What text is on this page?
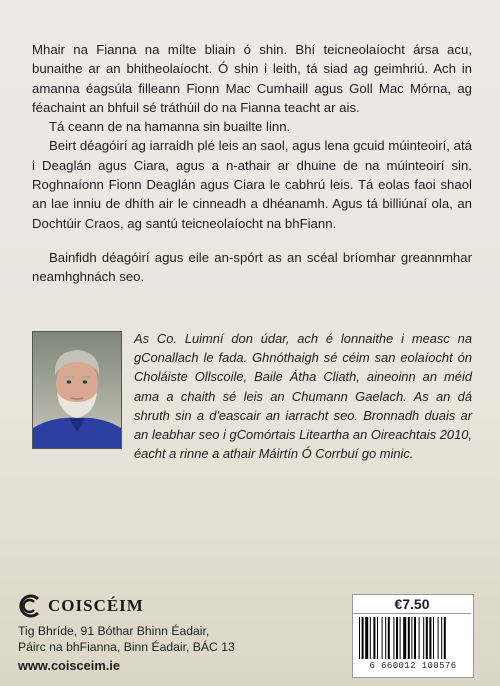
Mhair na Fianna na mílte bliain ó shin. Bhí teicneolaíocht ársa acu, bunaithe ar an bhitheolaíocht. Ó shin i leith, tá siad ag geimhriú. Ach in amanna éagsúla filleann Fionn Mac Cumhaill agus Goll Mac Mórna, ag féachaint an bhfuil sé tráthúil do na Fianna teacht ar ais.

Tá ceann de na hamanna sin buailte linn.

Beirt déagóirí ag iarraidh plé leis an saol, agus lena gcuid múinteoirí, atá i Deaglán agus Ciara, agus a n-athair ar dhuine de na múinteoirí sin. Roghnaíonn Fionn Deaglán agus Ciara le cabhrú leis. Tá eolas faoi shaol an lae inniu de dhíth air le cinneadh a dhéanamh. Agus tá billiúnaí ola, an Dochtúir Craos, ag santú teicneolaíocht na bhFiann.

Bainfidh déagóirí agus eile an-spórt as an scéal bríomhar greannmhar neamhghnách seo.

As Co. Luimní don údar, ach é lonnaithe i measc na gConallach le fada. Ghnóthaigh sé céim san eolaíocht ón Choláiste Ollscoile, Baile Átha Cliath, aineoinn an méid ama a chaith sé leis an Chumann Gaelach. As an dá shruth sin a d'eascair an iarracht seo. Bronnadh duais ar an leabhar seo i gComórtais Liteartha an Oireachtais 2010, éacht a rinne a athair Máirtín Ó Corrbuí go minic.
COISCÉIM
Tig Bhríde, 91 Bóthar Bhinn Éadair,
Páirc na bhFianna, Binn Éadair, BÁC 13
www.coisceim.ie
€7.50
6 660012 100576
